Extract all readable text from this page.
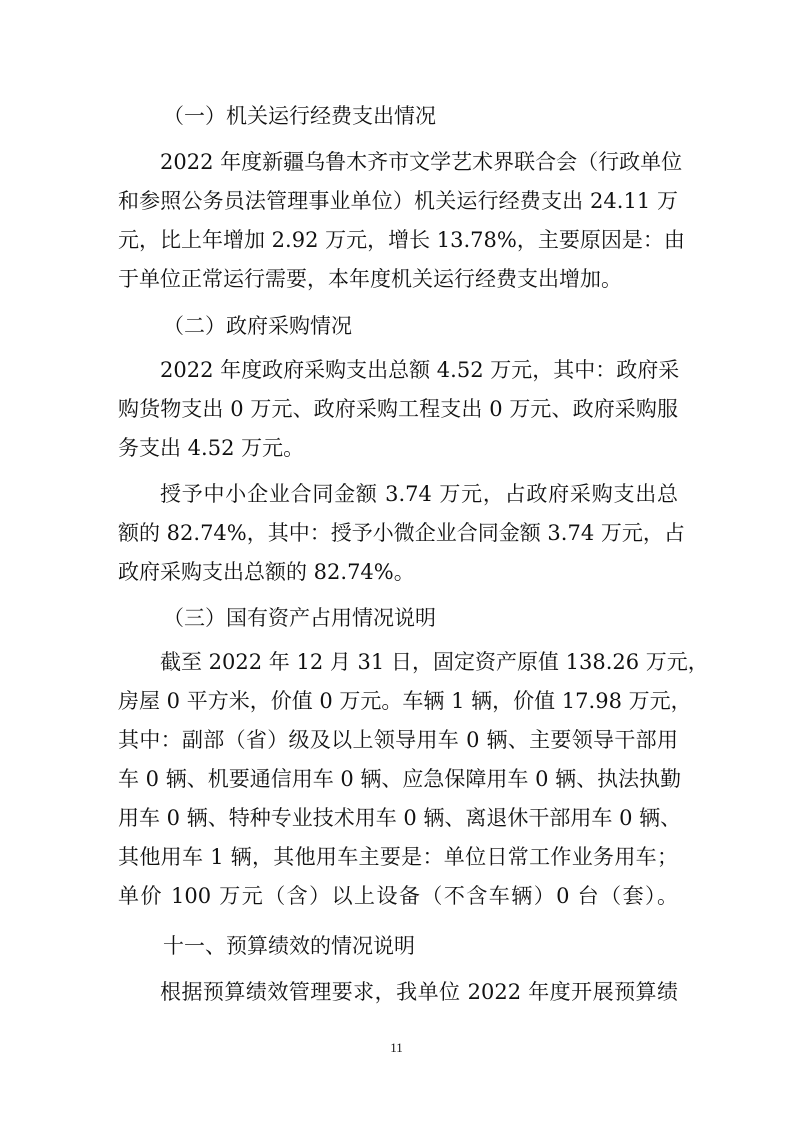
（一）机关运行经费支出情况
2022 年度新疆乌鲁木齐市文学艺术界联合会（行政单位
和参照公务员法管理事业单位）机关运行经费支出 24.11 万
元，比上年增加 2.92 万元，增长 13.78%，主要原因是：由
于单位正常运行需要，本年度机关运行经费支出增加。
（二）政府采购情况
2022 年度政府采购支出总额 4.52 万元，其中：政府采
购货物支出 0 万元、政府采购工程支出 0 万元、政府采购服
务支出 4.52 万元。
授予中小企业合同金额 3.74 万元，占政府采购支出总
额的 82.74%，其中：授予小微企业合同金额 3.74 万元，占
政府采购支出总额的 82.74%。
（三）国有资产占用情况说明
截至 2022 年 12 月 31 日，固定资产原值 138.26 万元，
房屋 0 平方米，价值 0 万元。车辆 1 辆，价值 17.98 万元，
其中：副部（省）级及以上领导用车 0 辆、主要领导干部用
车 0 辆、机要通信用车 0 辆、应急保障用车 0 辆、执法执勤
用车 0 辆、特种专业技术用车 0 辆、离退休干部用车 0 辆、
其他用车 1 辆，其他用车主要是：单位日常工作业务用车；
单价 100 万元（含）以上设备（不含车辆）0 台（套）。
十一、预算绩效的情况说明
根据预算绩效管理要求，我单位 2022 年度开展预算绩
11
